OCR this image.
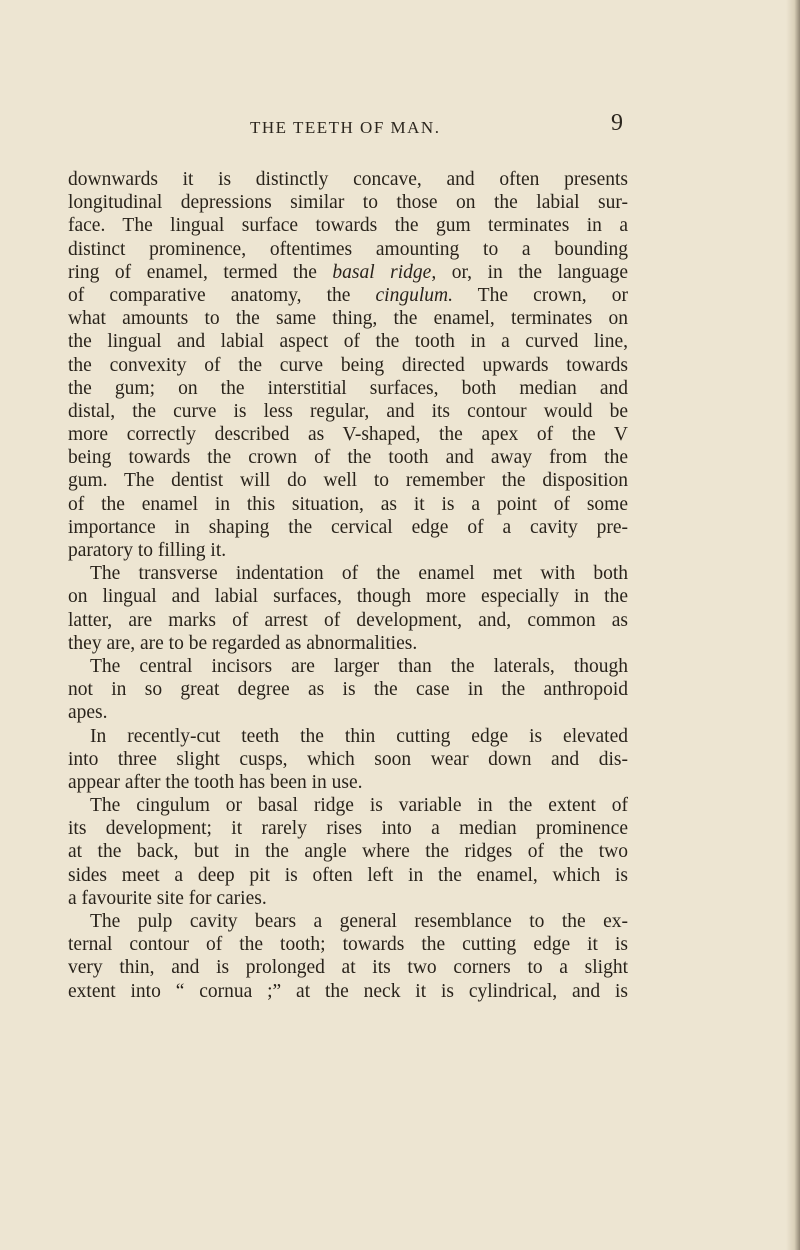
THE TEETH OF MAN.	9
downwards it is distinctly concave, and often presents
longitudinal depressions similar to those on the labial sur-
face. The lingual surface towards the gum terminates in a
distinct prominence, oftentimes amounting to a bounding
ring of enamel, termed the basal ridge, or, in the language
of comparative anatomy, the cingulum. The crown, or
what amounts to the same thing, the enamel, terminates on
the lingual and labial aspect of the tooth in a curved line,
the convexity of the curve being directed upwards towards
the gum; on the interstitial surfaces, both median and
distal, the curve is less regular, and its contour would be
more correctly described as V-shaped, the apex of the V
being towards the crown of the tooth and away from the
gum. The dentist will do well to remember the disposition
of the enamel in this situation, as it is a point of some
importance in shaping the cervical edge of a cavity pre-
paratory to filling it.
The transverse indentation of the enamel met with both
on lingual and labial surfaces, though more especially in the
latter, are marks of arrest of development, and, common as
they are, are to be regarded as abnormalities.
The central incisors are larger than the laterals, though
not in so great degree as is the case in the anthropoid
apes.
In recently-cut teeth the thin cutting edge is elevated
into three slight cusps, which soon wear down and dis-
appear after the tooth has been in use.
The cingulum or basal ridge is variable in the extent of
its development; it rarely rises into a median prominence
at the back, but in the angle where the ridges of the two
sides meet a deep pit is often left in the enamel, which is
a favourite site for caries.
The pulp cavity bears a general resemblance to the ex-
ternal contour of the tooth; towards the cutting edge it is
very thin, and is prolonged at its two corners to a slight
extent into “ cornua ;” at the neck it is cylindrical, and is
